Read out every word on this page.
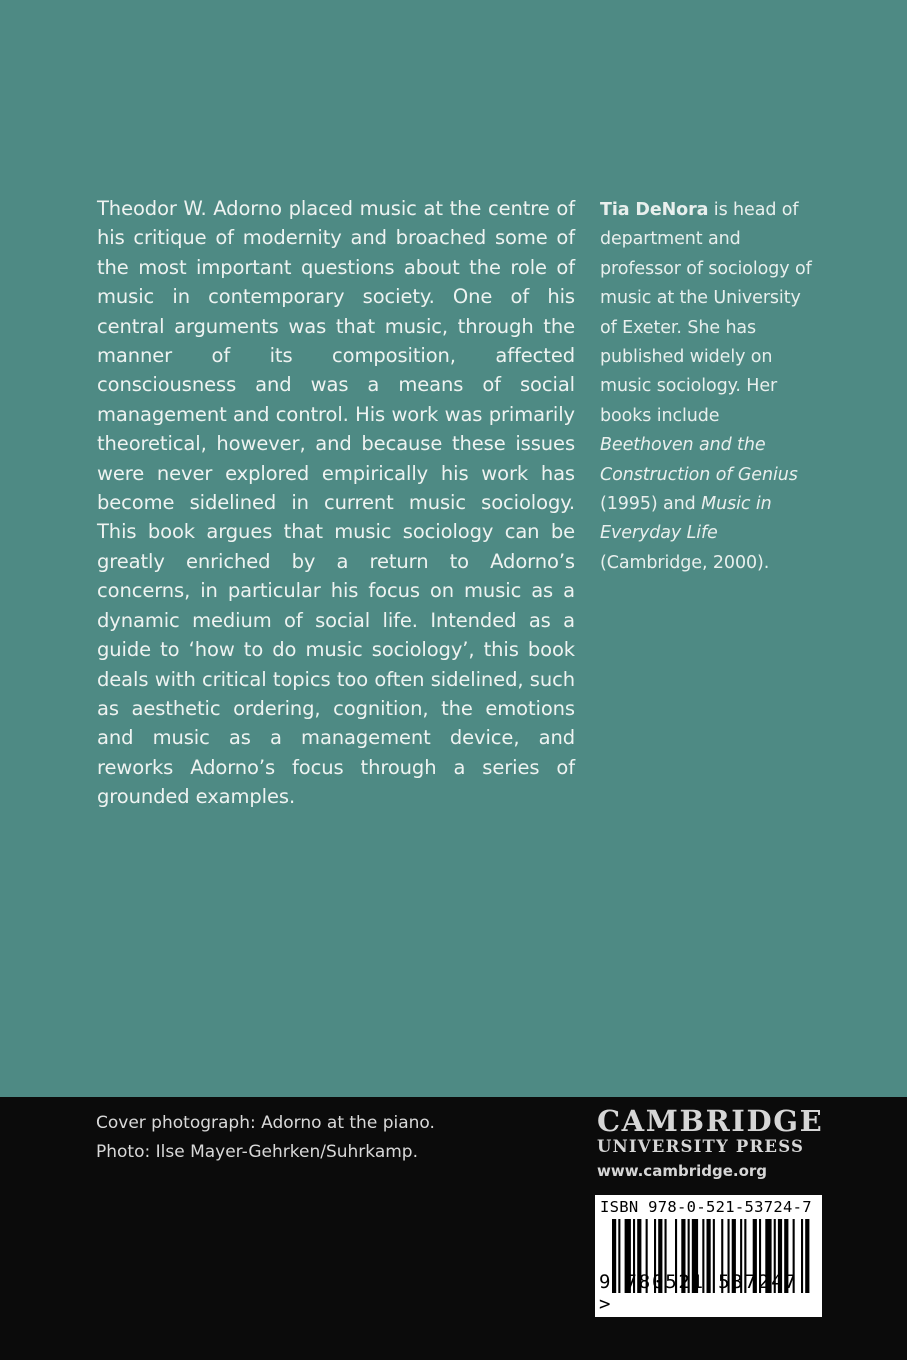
Theodor W. Adorno placed music at the centre of his critique of modernity and broached some of the most important questions about the role of music in contemporary society. One of his central arguments was that music, through the manner of its composition, affected consciousness and was a means of social management and control. His work was primarily theoretical, however, and because these issues were never explored empirically his work has become sidelined in current music sociology. This book argues that music sociology can be greatly enriched by a return to Adorno’s concerns, in particular his focus on music as a dynamic medium of social life. Intended as a guide to ‘how to do music sociology’, this book deals with critical topics too often sidelined, such as aesthetic ordering, cognition, the emotions and music as a management device, and reworks Adorno’s focus through a series of grounded examples.
Tia DeNora is head of department and professor of sociology of music at the University of Exeter. She has published widely on music sociology. Her books include Beethoven and the Construction of Genius (1995) and Music in Everyday Life (Cambridge, 2000).
Cover photograph: Adorno at the piano.
Photo: Ilse Mayer-Gehrken/Suhrkamp.
CAMBRIDGE
UNIVERSITY PRESS
www.cambridge.org
ISBN 978-0-521-53724-7
9 780521 537247 >
